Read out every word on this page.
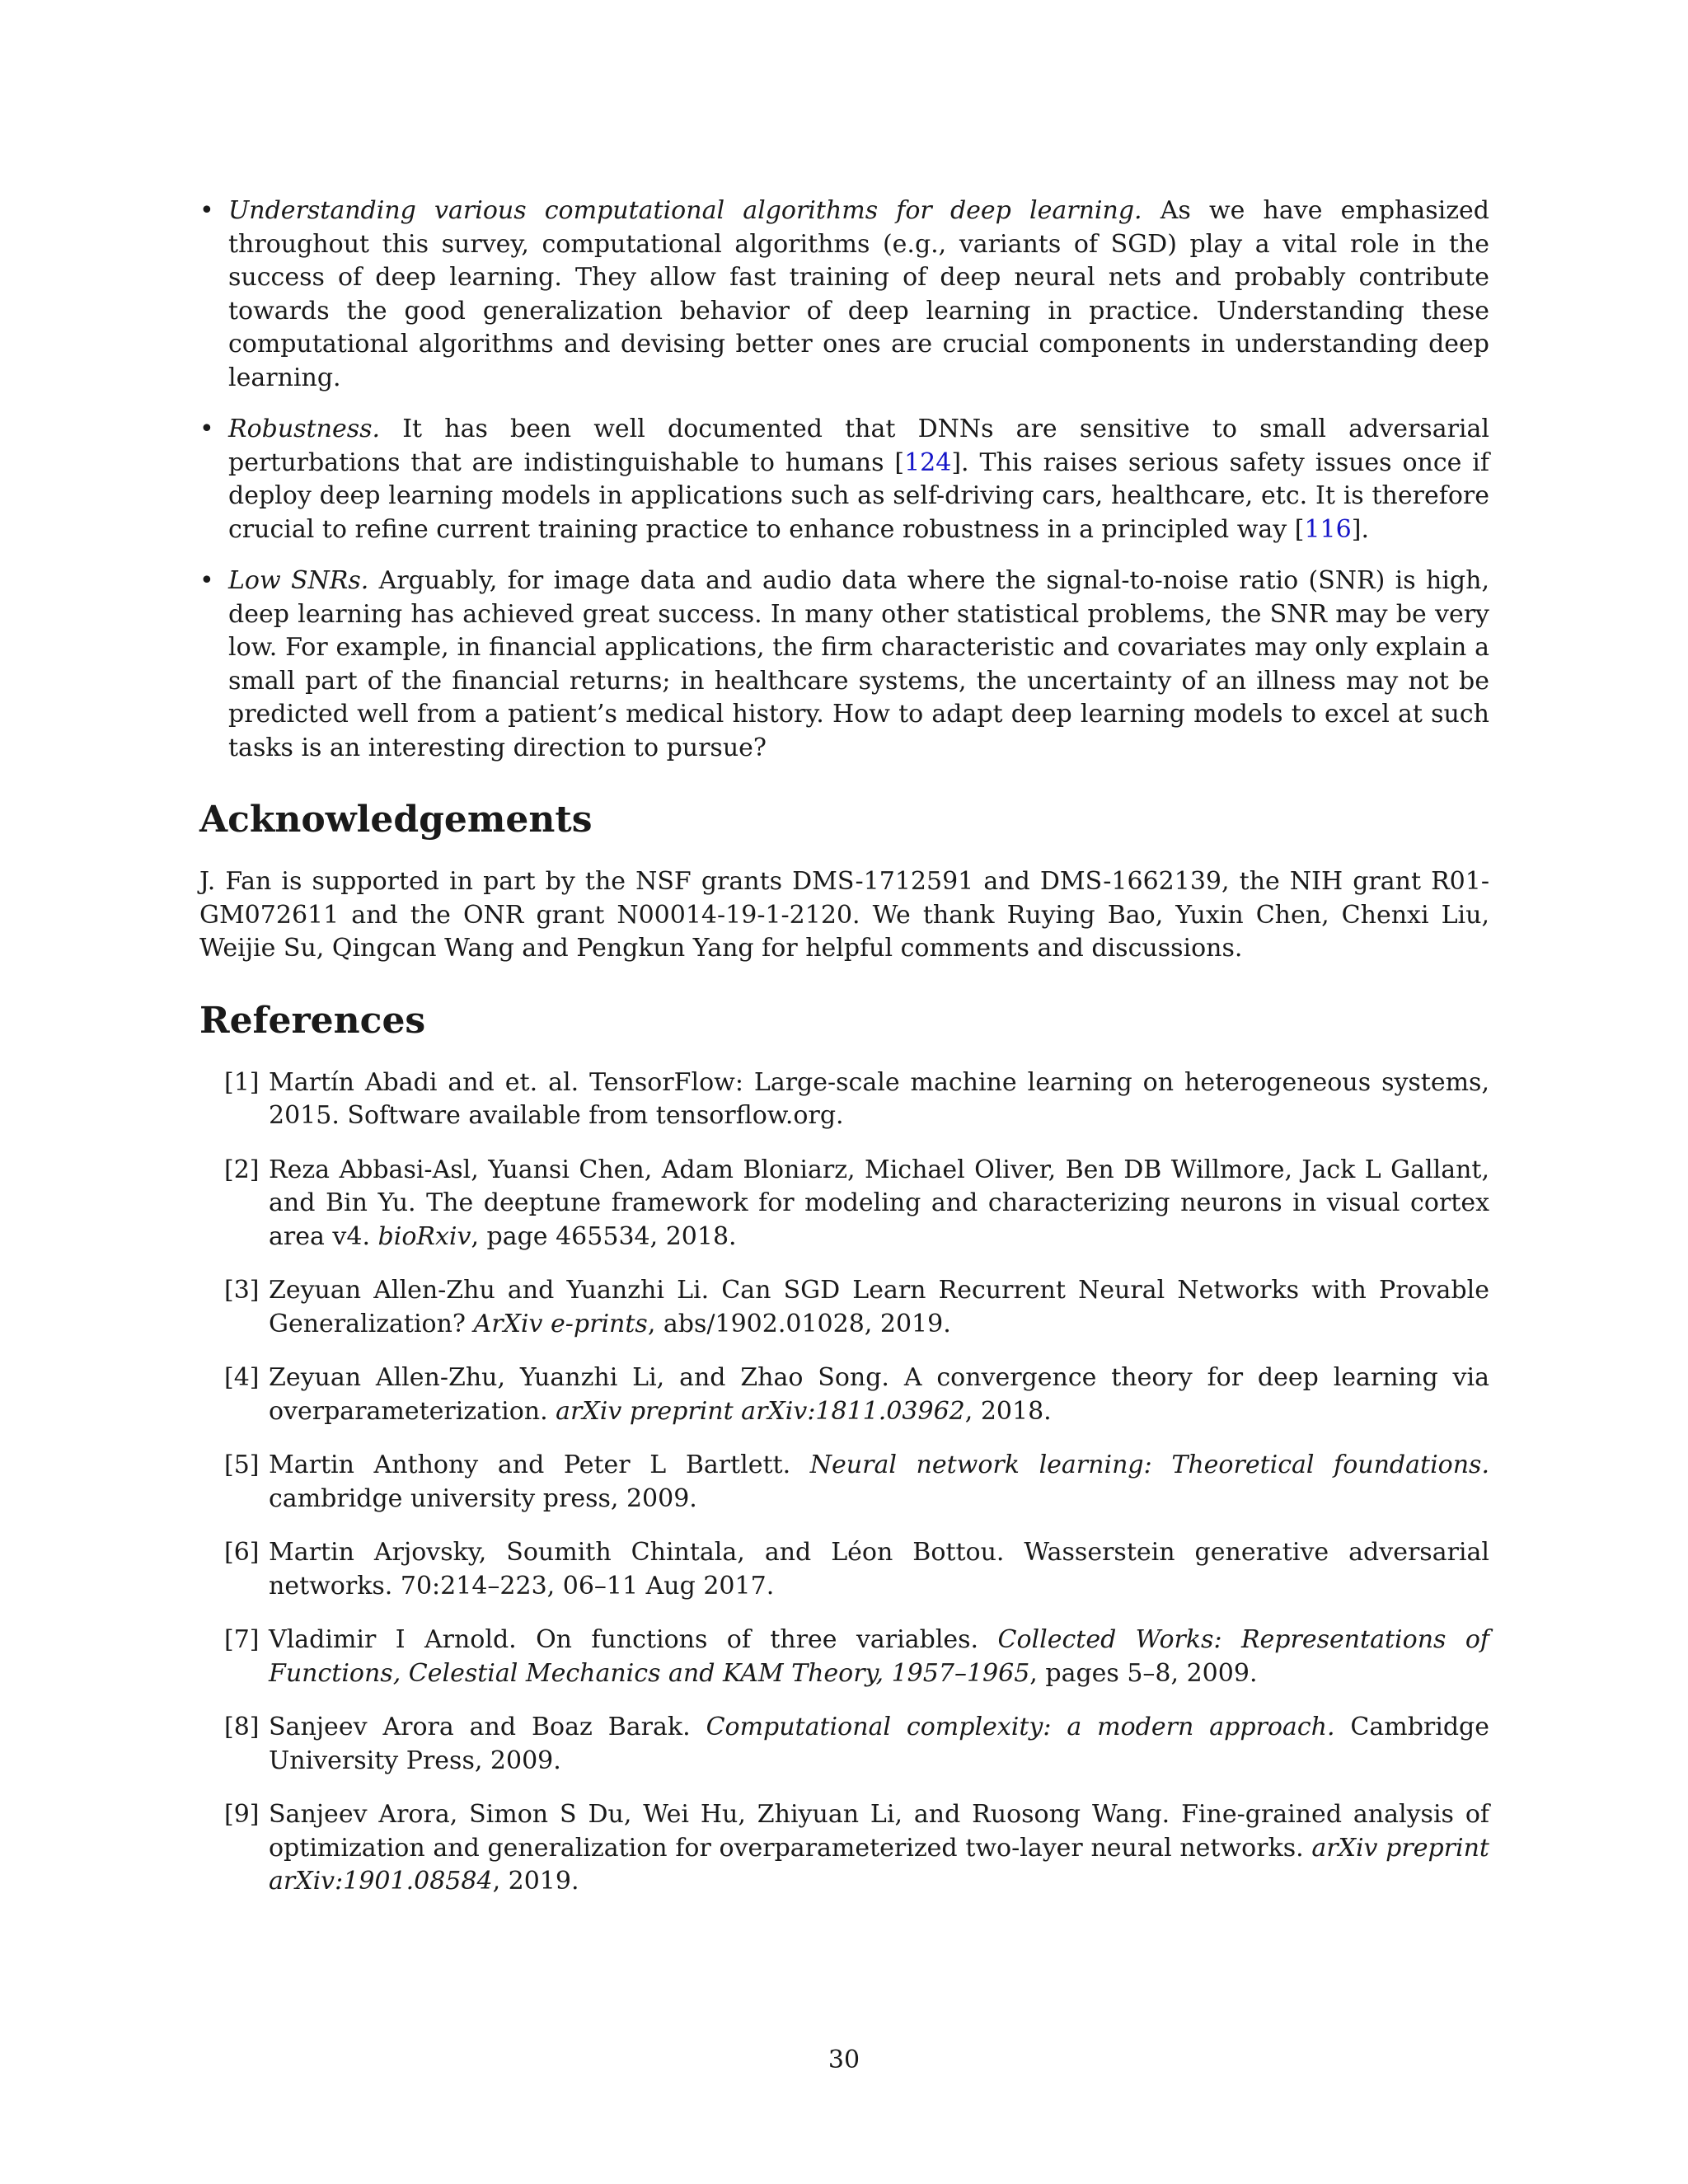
• Understanding various computational algorithms for deep learning. As we have emphasized throughout this survey, computational algorithms (e.g., variants of SGD) play a vital role in the success of deep learning. They allow fast training of deep neural nets and probably contribute towards the good generalization behavior of deep learning in practice. Understanding these computational algorithms and devising better ones are crucial components in understanding deep learning.
• Robustness. It has been well documented that DNNs are sensitive to small adversarial perturbations that are indistinguishable to humans [124]. This raises serious safety issues once if deploy deep learning models in applications such as self-driving cars, healthcare, etc. It is therefore crucial to refine current training practice to enhance robustness in a principled way [116].
• Low SNRs. Arguably, for image data and audio data where the signal-to-noise ratio (SNR) is high, deep learning has achieved great success. In many other statistical problems, the SNR may be very low. For example, in financial applications, the firm characteristic and covariates may only explain a small part of the financial returns; in healthcare systems, the uncertainty of an illness may not be predicted well from a patient’s medical history. How to adapt deep learning models to excel at such tasks is an interesting direction to pursue?
Acknowledgements

J. Fan is supported in part by the NSF grants DMS-1712591 and DMS-1662139, the NIH grant R01-GM072611 and the ONR grant N00014-19-1-2120. We thank Ruying Bao, Yuxin Chen, Chenxi Liu, Weijie Su, Qingcan Wang and Pengkun Yang for helpful comments and discussions.

References
[1] Martín Abadi and et. al. TensorFlow: Large-scale machine learning on heterogeneous systems, 2015. Software available from tensorflow.org.
[2] Reza Abbasi-Asl, Yuansi Chen, Adam Bloniarz, Michael Oliver, Ben DB Willmore, Jack L Gallant, and Bin Yu. The deeptune framework for modeling and characterizing neurons in visual cortex area v4. bioRxiv, page 465534, 2018.
[3] Zeyuan Allen-Zhu and Yuanzhi Li. Can SGD Learn Recurrent Neural Networks with Provable Generalization? ArXiv e-prints, abs/1902.01028, 2019.
[4] Zeyuan Allen-Zhu, Yuanzhi Li, and Zhao Song. A convergence theory for deep learning via overparameterization. arXiv preprint arXiv:1811.03962, 2018.
[5] Martin Anthony and Peter L Bartlett. Neural network learning: Theoretical foundations. cambridge university press, 2009.
[6] Martin Arjovsky, Soumith Chintala, and Léon Bottou. Wasserstein generative adversarial networks. 70:214–223, 06–11 Aug 2017.
[7] Vladimir I Arnold. On functions of three variables. Collected Works: Representations of Functions, Celestial Mechanics and KAM Theory, 1957–1965, pages 5–8, 2009.
[8] Sanjeev Arora and Boaz Barak. Computational complexity: a modern approach. Cambridge University Press, 2009.
[9] Sanjeev Arora, Simon S Du, Wei Hu, Zhiyuan Li, and Ruosong Wang. Fine-grained analysis of optimization and generalization for overparameterized two-layer neural networks. arXiv preprint arXiv:1901.08584, 2019.
30
